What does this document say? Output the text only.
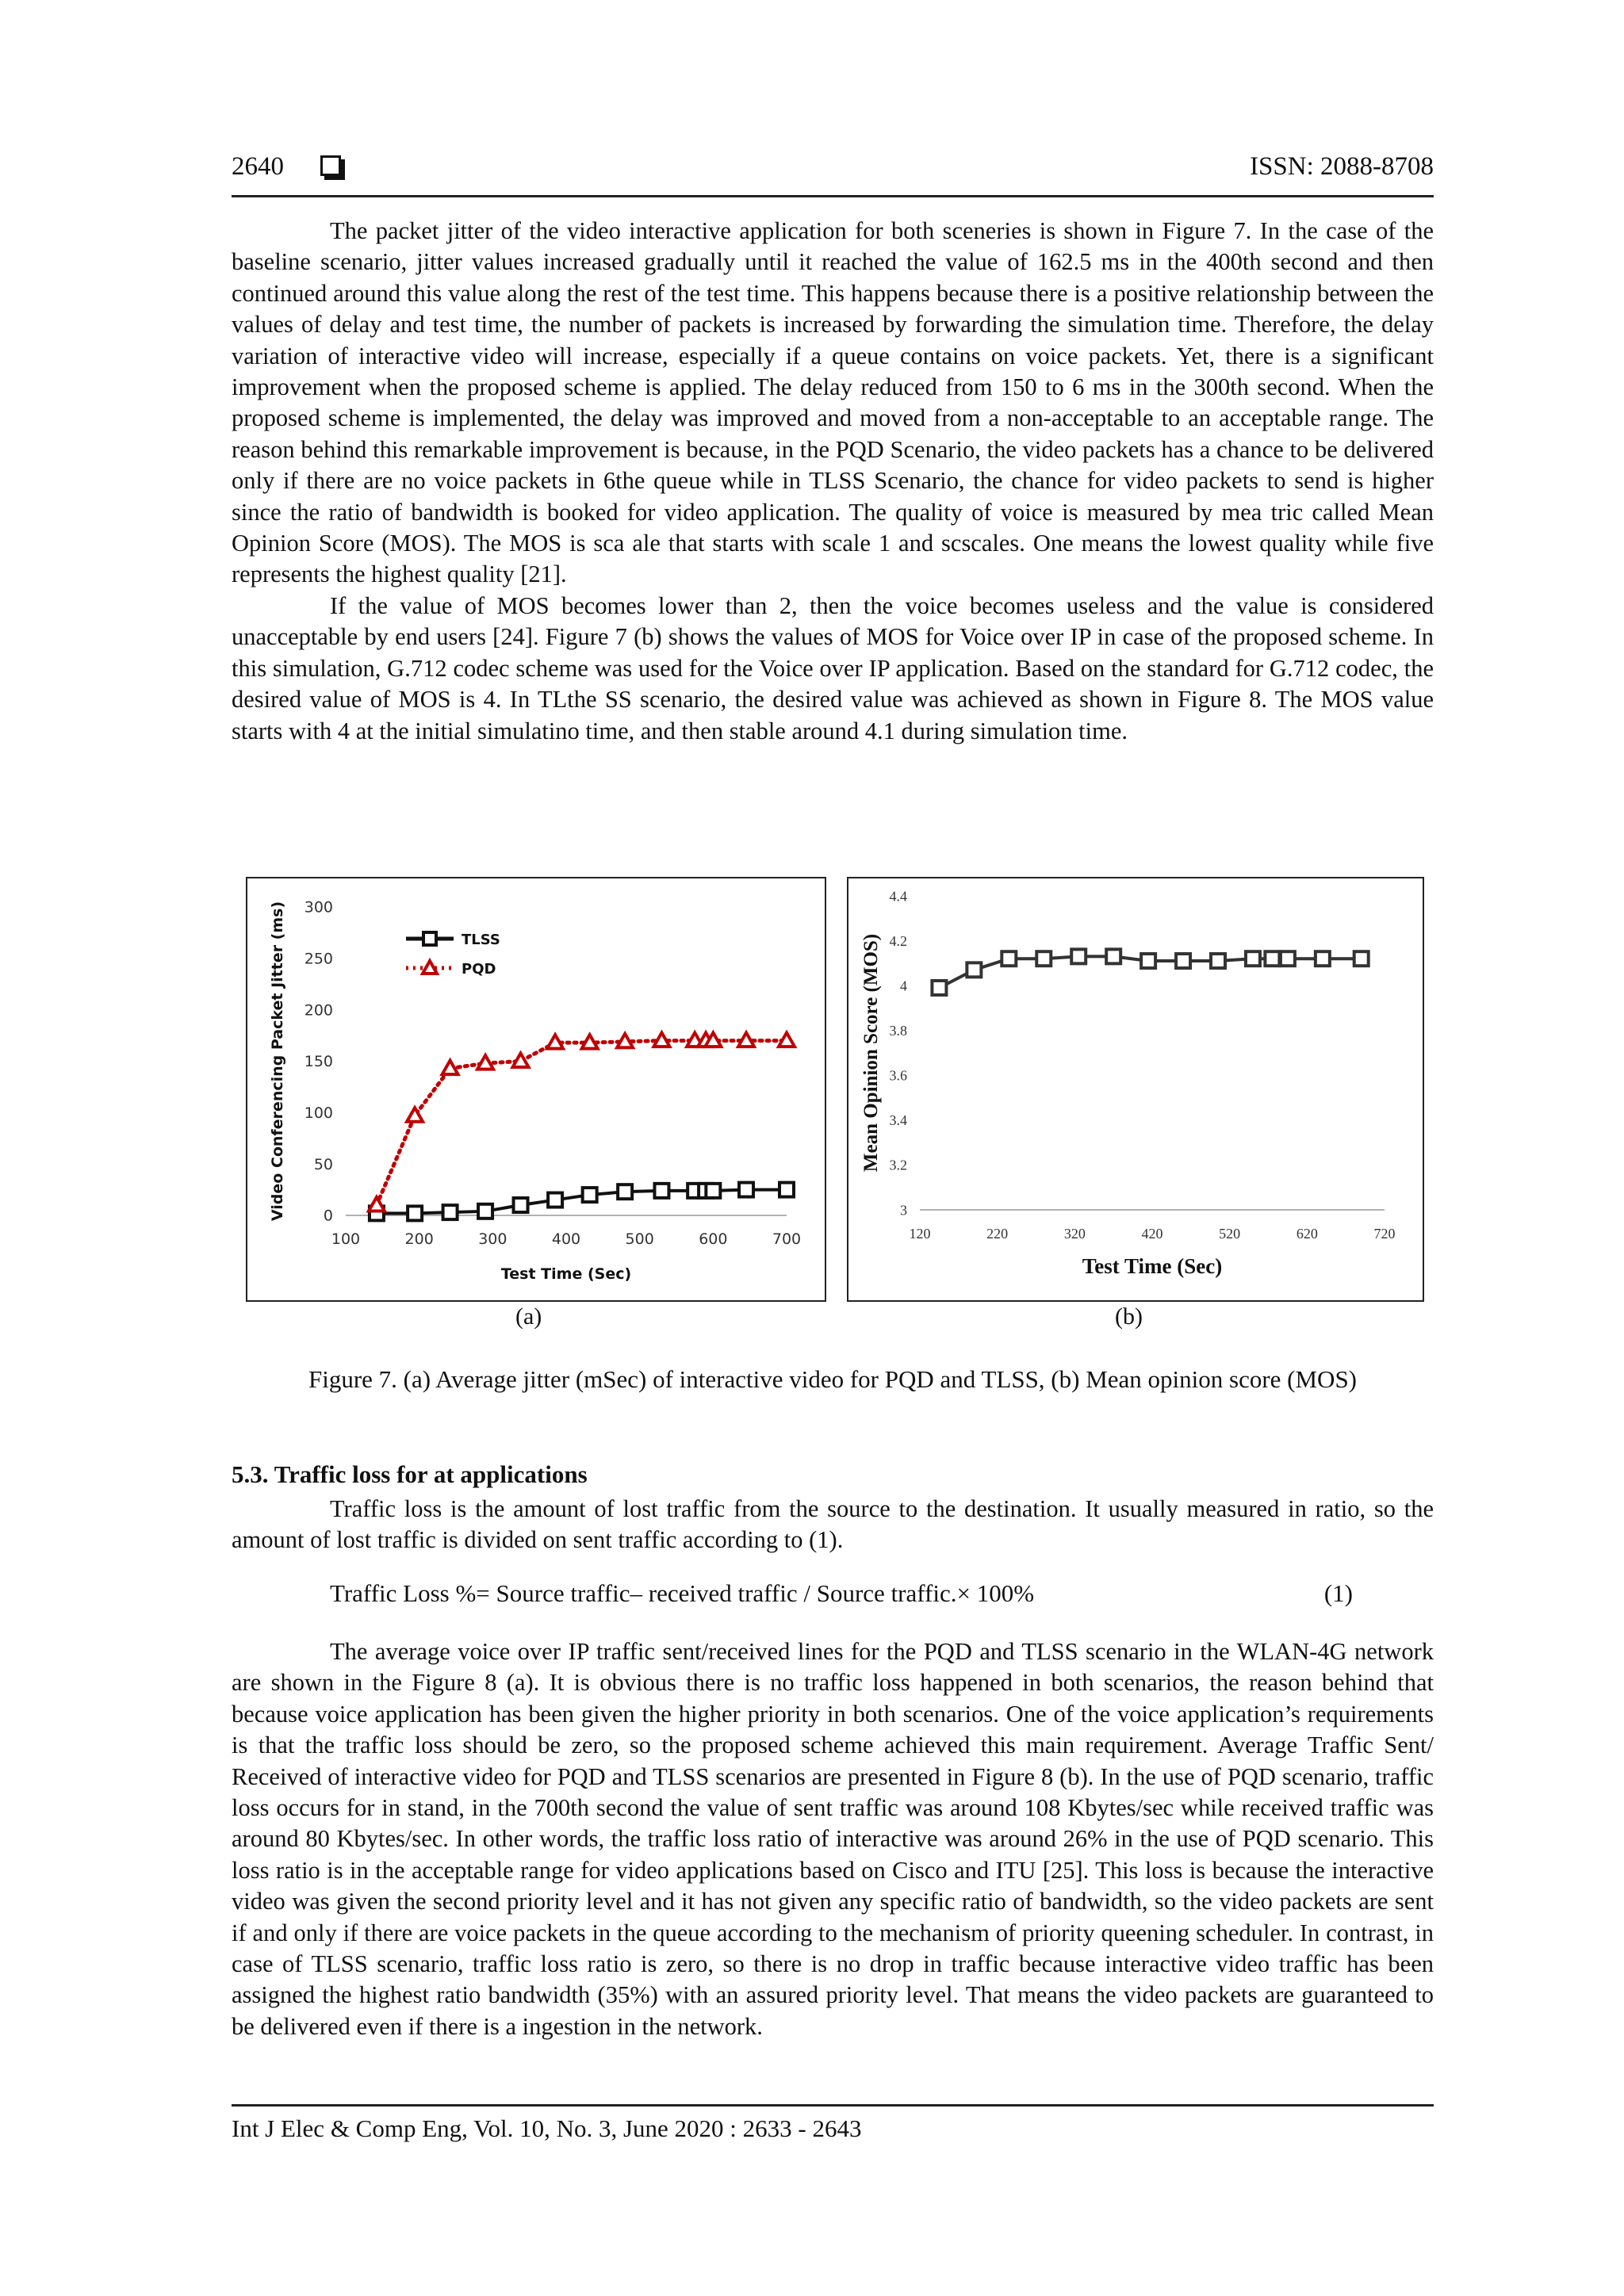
2640	ISSN: 2088-8708

The packet jitter of the video interactive application for both sceneries is shown in Figure 7. In the case of the baseline scenario, jitter values increased gradually until it reached the value of 162.5 ms in the 400th second and then continued around this value along the rest of the test time. This happens because there is a positive relationship between the values of delay and test time, the number of packets is increased by forwarding the simulation time. Therefore, the delay variation of interactive video will increase, especially if a queue contains on voice packets. Yet, there is a significant improvement when the proposed scheme is applied. The delay reduced from 150 to 6 ms in the 300th second. When the proposed scheme is implemented, the delay was improved and moved from a non-acceptable to an acceptable range. The reason behind this remarkable improvement is because, in the PQD Scenario, the video packets has a chance to be delivered only if there are no voice packets in 6the queue while in TLSS Scenario, the chance for video packets to send is higher since the ratio of bandwidth is booked for video application. The quality of voice is measured by mea tric called Mean Opinion Score (MOS). The MOS is sca ale that starts with scale 1 and scscales. One means the lowest quality while five represents the highest quality [21].

If the value of MOS becomes lower than 2, then the voice becomes useless and the value is considered unacceptable by end users [24]. Figure 7 (b) shows the values of MOS for Voice over IP in case of the proposed scheme. In this simulation, G.712 codec scheme was used for the Voice over IP application. Based on the standard for G.712 codec, the desired value of MOS is 4. In TLthe SS scenario, the desired value was achieved as shown in Figure 8. The MOS value starts with 4 at the initial simulatino time, and then stable around 4.1 during simulation time.

0
50
100
150
200
250
300
100	200	300	400	500	600	700
Test Time (Sec)
Video Conferencing Packet Jitter (ms)	TLSS
PQD
3
3.2
3.4
3.6
3.8
4
4.2
4.4
120	220	320	420	520	620	720
Test Time (Sec)
Mean Opinion Score (MOS)
(a)	(b)
Figure 7. (a) Average jitter (mSec) of interactive video for PQD and TLSS, (b) Mean opinion score (MOS)
5.3. Traffic loss for at applications

Traffic loss is the amount of lost traffic from the source to the destination. It usually measured in ratio, so the amount of lost traffic is divided on sent traffic according to (1).

Traffic Loss %= Source traffic– received traffic / Source traffic.× 100%	(1)

The average voice over IP traffic sent/received lines for the PQD and TLSS scenario in the WLAN-4G network are shown in the Figure 8 (a). It is obvious there is no traffic loss happened in both scenarios, the reason behind that because voice application has been given the higher priority in both scenarios. One of the voice application’s requirements is that the traffic loss should be zero, so the proposed scheme achieved this main requirement. Average Traffic Sent/ Received of interactive video for PQD and TLSS scenarios are presented in Figure 8 (b). In the use of PQD scenario, traffic loss occurs for in stand, in the 700th second the value of sent traffic was around 108 Kbytes/sec while received traffic was around 80 Kbytes/sec. In other words, the traffic loss ratio of interactive was around 26% in the use of PQD scenario. This loss ratio is in the acceptable range for video applications based on Cisco and ITU [25]. This loss is because the interactive video was given the second priority level and it has not given any specific ratio of bandwidth, so the video packets are sent if and only if there are voice packets in the queue according to the mechanism of priority queening scheduler. In contrast, in case of TLSS scenario, traffic loss ratio is zero, so there is no drop in traffic because interactive video traffic has been assigned the highest ratio bandwidth (35%) with an assured priority level. That means the video packets are guaranteed to be delivered even if there is a ingestion in the network.

Int J Elec & Comp Eng, Vol. 10, No. 3, June 2020 : 2633 - 2643
